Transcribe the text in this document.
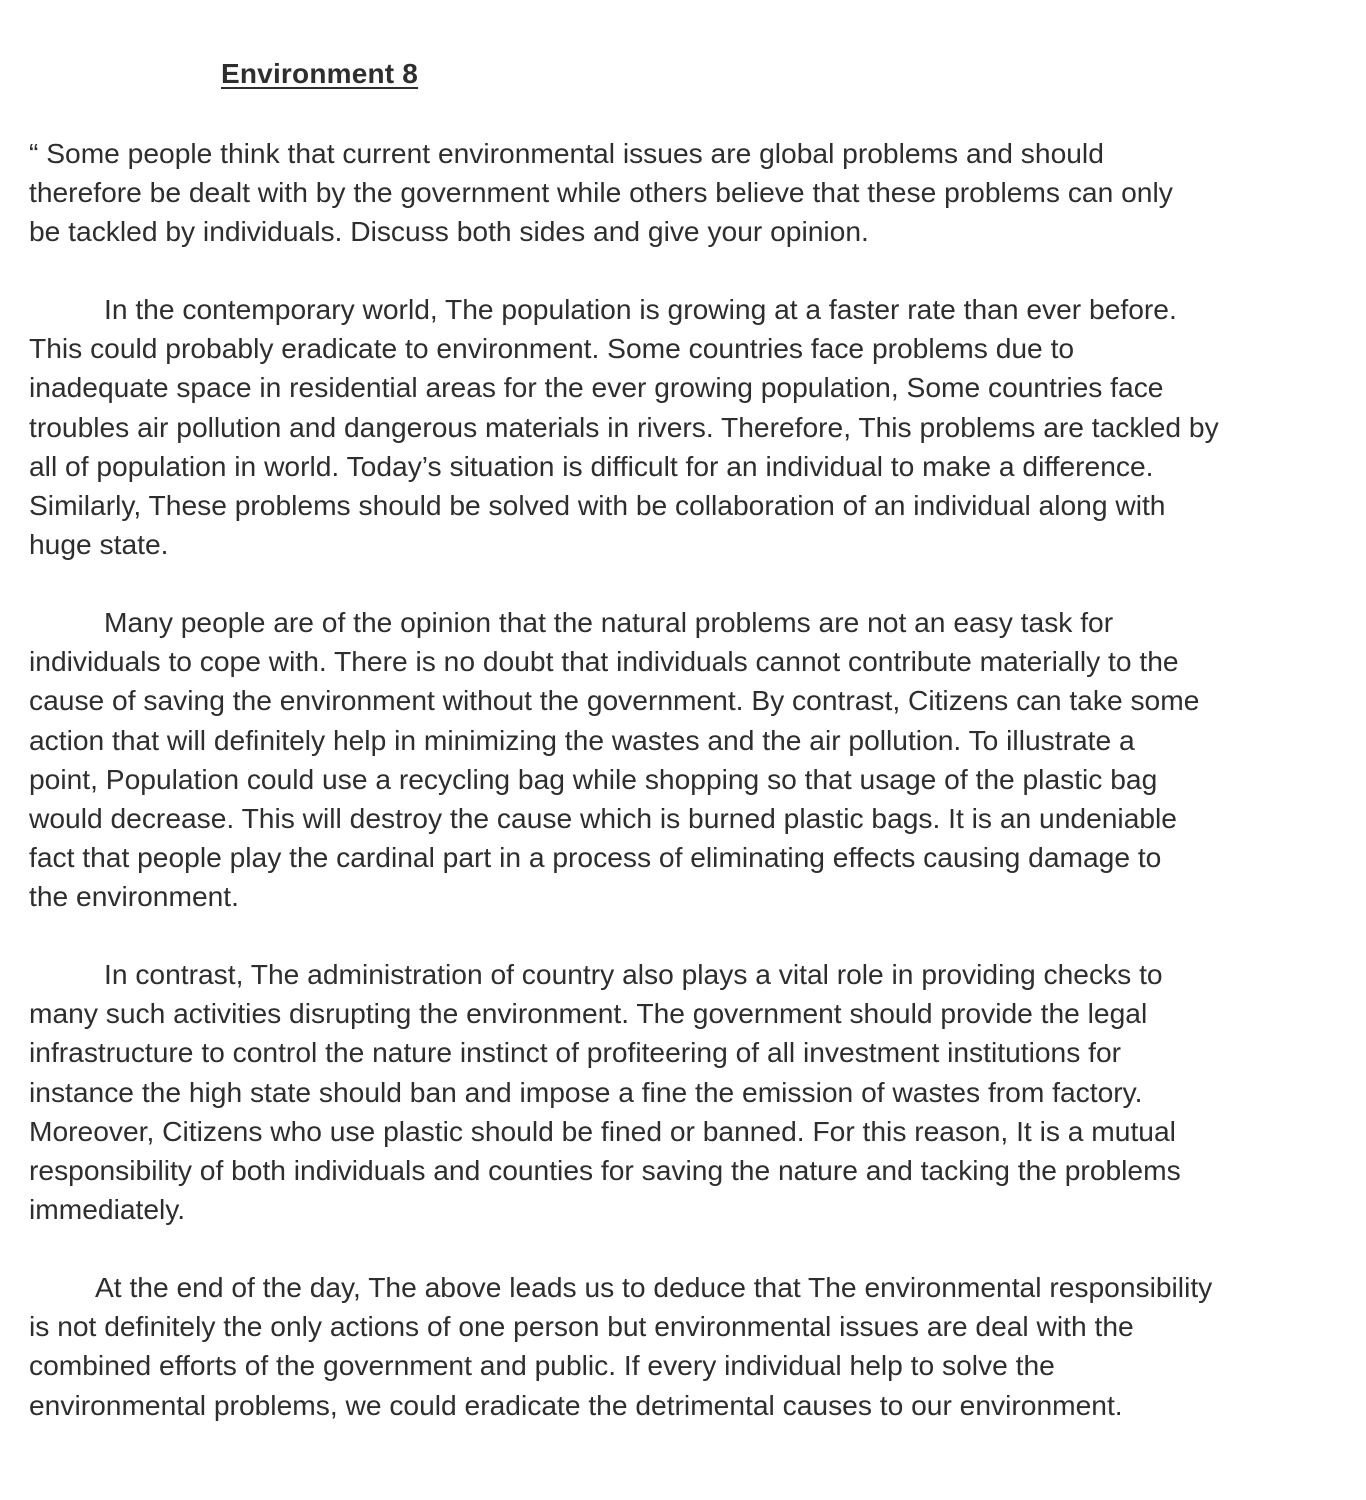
Environment 8
“ Some people think that current environmental issues are global problems and should
therefore be dealt with by the government while others believe that these problems can only
be tackled by individuals. Discuss both sides and give your opinion.
In the contemporary world, The population is growing at a faster rate than ever before.
This could probably eradicate to environment. Some countries face problems due to
inadequate space in residential areas for the ever growing population, Some countries face
troubles air pollution and dangerous materials in rivers. Therefore, This problems are tackled by
all of population in world. Today’s situation is difficult for an individual to make a difference.
Similarly, These problems should be solved with be collaboration of an individual along with
huge state.
Many people are of the opinion that the natural problems are not an easy task for
individuals to cope with. There is no doubt that individuals cannot contribute materially to the
cause of saving the environment without the government. By contrast, Citizens can take some
action that will definitely help in minimizing the wastes and the air pollution. To illustrate a
point, Population could use a recycling bag while shopping so that usage of the plastic bag
would decrease. This will destroy the cause which is burned plastic bags. It is an undeniable
fact that people play the cardinal part in a process of eliminating effects causing damage to
the environment.
In contrast, The administration of country also plays a vital role in providing checks to
many such activities disrupting the environment. The government should provide the legal
infrastructure to control the nature instinct of profiteering of all investment institutions for
instance the high state should ban and impose a fine the emission of wastes from factory.
Moreover, Citizens who use plastic should be fined or banned. For this reason, It is a mutual
responsibility of both individuals and counties for saving the nature and tacking the problems
immediately.
At the end of the day, The above leads us to deduce that The environmental responsibility
is not definitely the only actions of one person but environmental issues are deal with the
combined efforts of the government and public. If every individual help to solve the
environmental problems, we could eradicate the detrimental causes to our environment.
